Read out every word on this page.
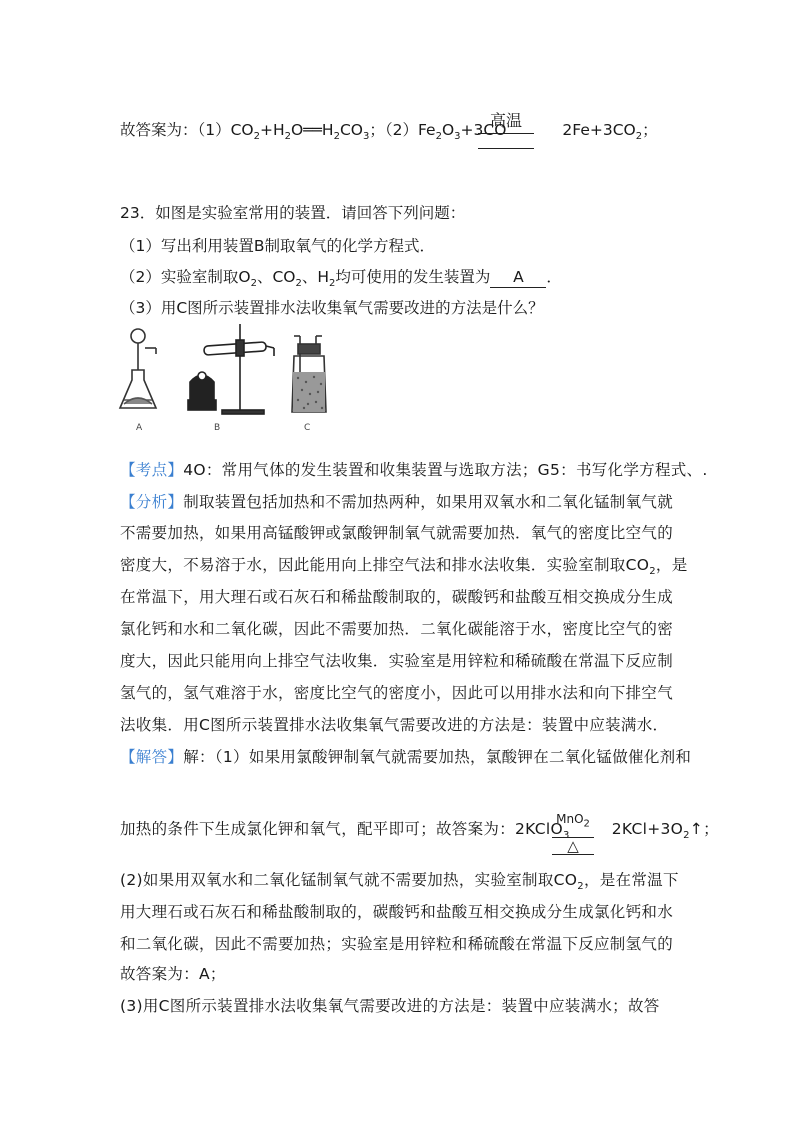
故答案为：$(1)CO_2+H_2O══H_2CO_3$；$(2)Fe_2O_3+3CO$	$2Fe+3CO_2$；
高温
23．如图是实验室常用的装置．请回答下列问题：
（1）写出利用装置B制取氧气的化学方程式．
（2）实验室制取$O_2$、$CO_2$、$H_2$均可使用的发生装置为 A ．
（3）用C图所示装置排水法收集氧气需要改进的方法是什么？
A	B	C
【考点】4O：常用气体的发生装置和收集装置与选取方法；G5：书写化学方程式、.
【分析】制取装置包括加热和不需加热两种，如果用双氧水和二氧化锰制氧气就
不需要加热，如果用高锰酸钾或氯酸钾制氧气就需要加热．氧气的密度比空气的
密度大，不易溶于水，因此能用向上排空气法和排水法收集．实验室制取$CO_2$，是
在常温下，用大理石或石灰石和稀盐酸制取的，碳酸钙和盐酸互相交换成分生成
氯化钙和水和二氧化碳，因此不需要加热．二氧化碳能溶于水，密度比空气的密
度大，因此只能用向上排空气法收集．实验室是用锌粒和稀硫酸在常温下反应制
氢气的，氢气难溶于水，密度比空气的密度小，因此可以用排水法和向下排空气
法收集．用C图所示装置排水法收集氧气需要改进的方法是：装置中应装满水．
【解答】解：（1）如果用氯酸钾制氧气就需要加热，氯酸钾在二氧化锰做催化剂和
加热的条件下生成氯化钾和氧气，配平即可；故答案为：2KClO$_3$	$2KCl+3O_2↑$；
MnO$_2$
△
(2)如果用双氧水和二氧化锰制氧气就不需要加热，实验室制取$CO_2$，是在常温下
用大理石或石灰石和稀盐酸制取的，碳酸钙和盐酸互相交换成分生成氯化钙和水
和二氧化碳，因此不需要加热；实验室是用锌粒和稀硫酸在常温下反应制氢气的
故答案为：A；
(3)用C图所示装置排水法收集氧气需要改进的方法是：装置中应装满水；故答
